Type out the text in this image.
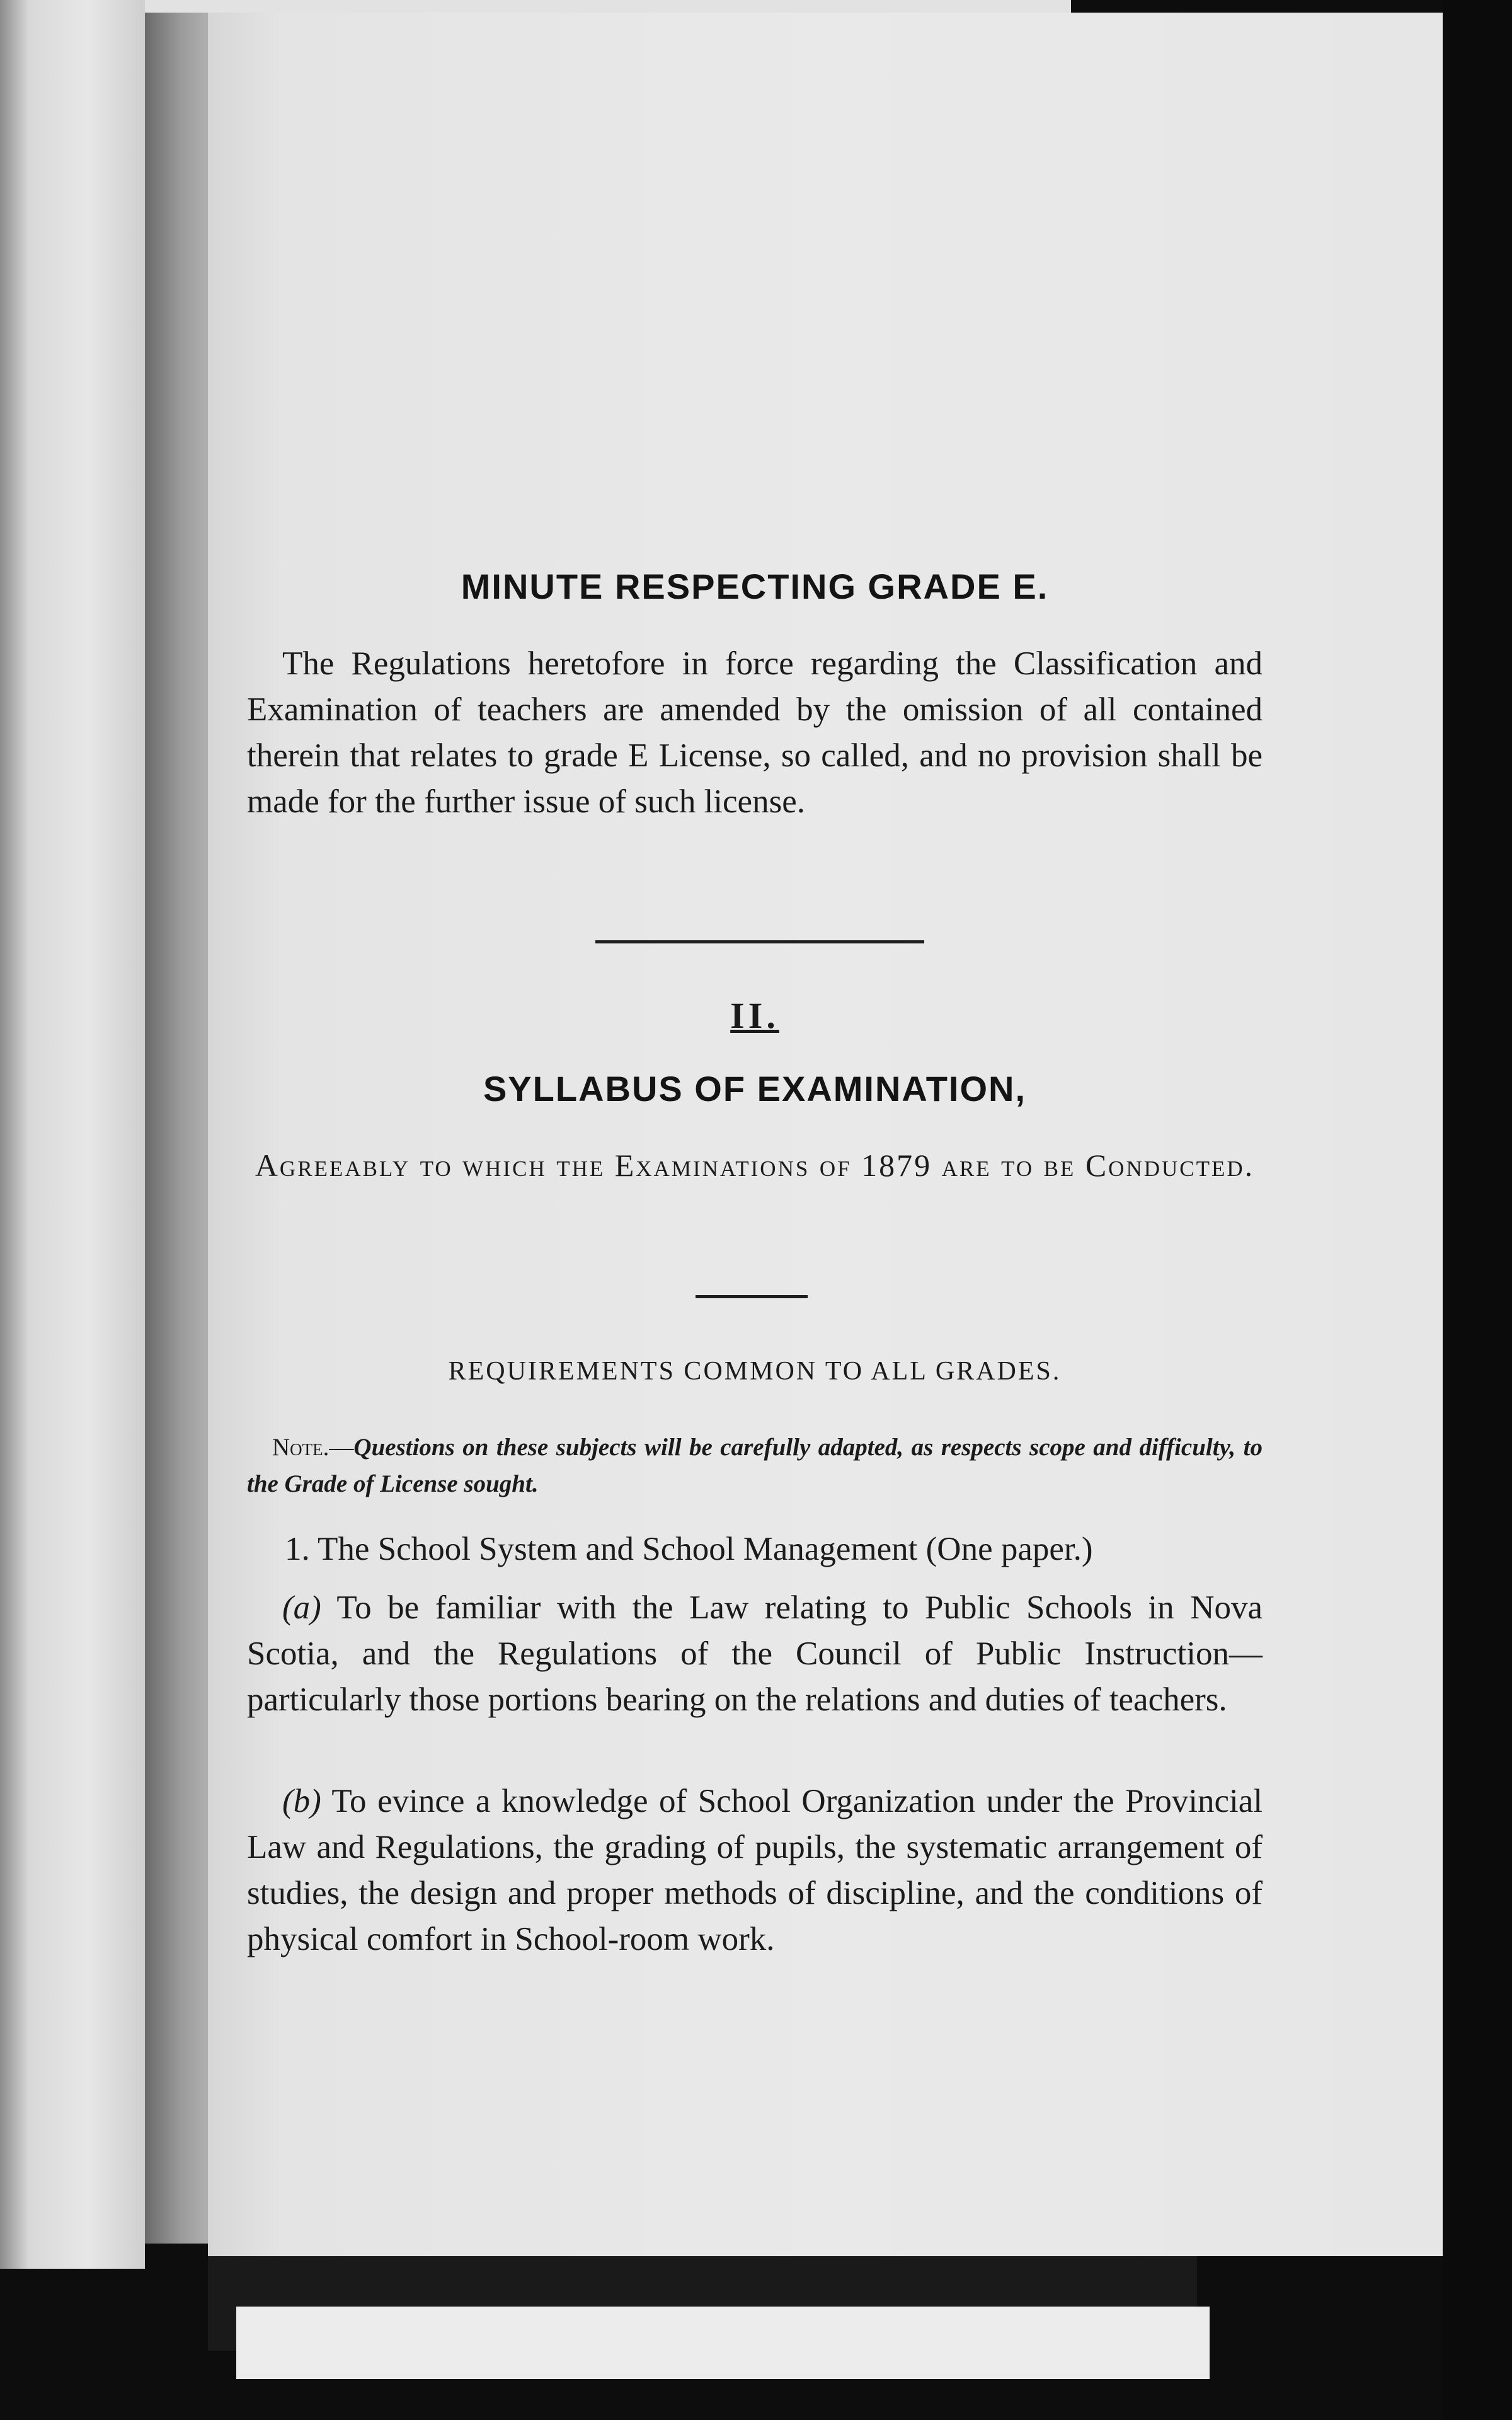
MINUTE RESPECTING GRADE E.
The Regulations heretofore in force regarding the Classification and Examination of teachers are amended by the omission of all contained therein that relates to grade E License, so called, and no provision shall be made for the further issue of such license.
II.
SYLLABUS OF EXAMINATION,
Agreeably to which the Examinations of 1879 are to be Conducted.
REQUIREMENTS COMMON TO ALL GRADES.
Note.—Questions on these subjects will be carefully adapted, as respects scope and difficulty, to the Grade of License sought.
1. The School System and School Management (One paper.)
(a) To be familiar with the Law relating to Public Schools in Nova Scotia, and the Regulations of the Council of Public Instruction—particularly those portions bearing on the relations and duties of teachers.
(b) To evince a knowledge of School Organization under the Provincial Law and Regulations, the grading of pupils, the systematic arrangement of studies, the design and proper methods of discipline, and the conditions of physical comfort in School-room work.
